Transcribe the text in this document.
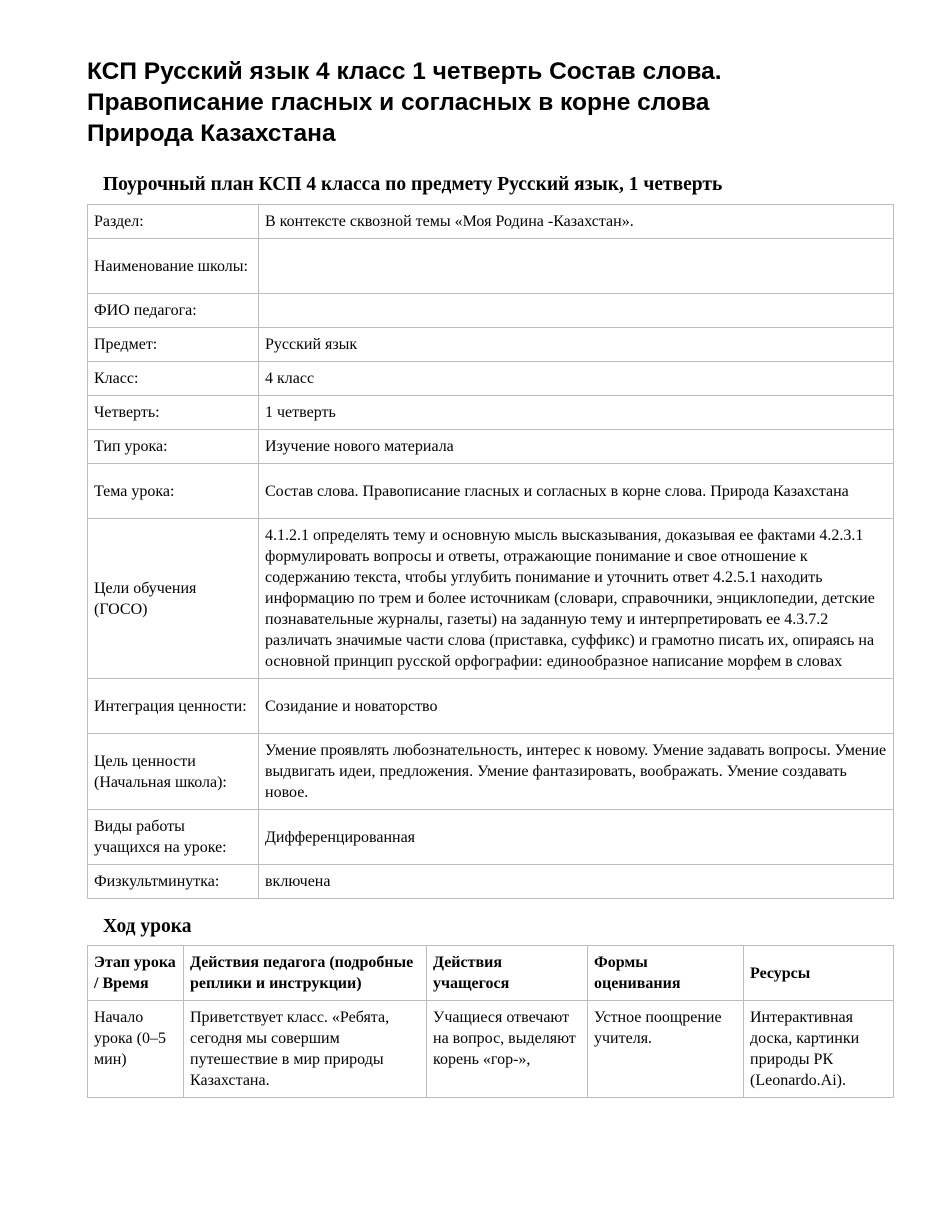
КСП Русский язык 4 класс 1 четверть Состав слова.
Правописание гласных и согласных в корне слова
Природа Казахстана
Поурочный план КСП 4 класса по предмету Русский язык, 1 четверть
Раздел:	В контексте сквозной темы «Моя Родина -Казахстан».
Наименование школы:	
ФИО педагога:	
Предмет:	Русский язык
Класс:	4 класс
Четверть:	1 четверть
Тип урока:	Изучение нового материала
Тема урока:	Состав слова. Правописание гласных и согласных в корне слова. Природа Казахстана
Цели обучения (ГОСО)	4.1.2.1 определять тему и основную мысль высказывания, доказывая ее фактами 4.2.3.1 формулировать вопросы и ответы, отражающие понимание и свое отношение к содержанию текста, чтобы углубить понимание и уточнить ответ 4.2.5.1 находить информацию по трем и более источникам (словари, справочники, энциклопедии, детские познавательные журналы, газеты) на заданную тему и интерпретировать ее 4.3.7.2 различать значимые части слова (приставка, суффикс) и грамотно писать их, опираясь на основной принцип русской орфографии: единообразное написание морфем в словах
Интеграция ценности:	Созидание и новаторство
Цель ценности (Начальная школа):	Умение проявлять любознательность, интерес к новому. Умение задавать вопросы. Умение выдвигать идеи, предложения. Умение фантазировать, воображать. Умение создавать новое.
Виды работы учащихся на уроке:	Дифференцированная
Физкультминутка:	включена
Ход урока
Этап урока / Время	Действия педагога (подробные реплики и инструкции)	Действия учащегося	Формы оценивания	Ресурсы
Начало урока (0–5 мин)	Приветствует класс. «Ребята, сегодня мы совершим путешествие в мир природы Казахстана.	Учащиеся отвечают на вопрос, выделяют корень «гор-»,	Устное поощрение учителя.	Интерактивная доска, картинки природы РК (Leonardo.Ai).
